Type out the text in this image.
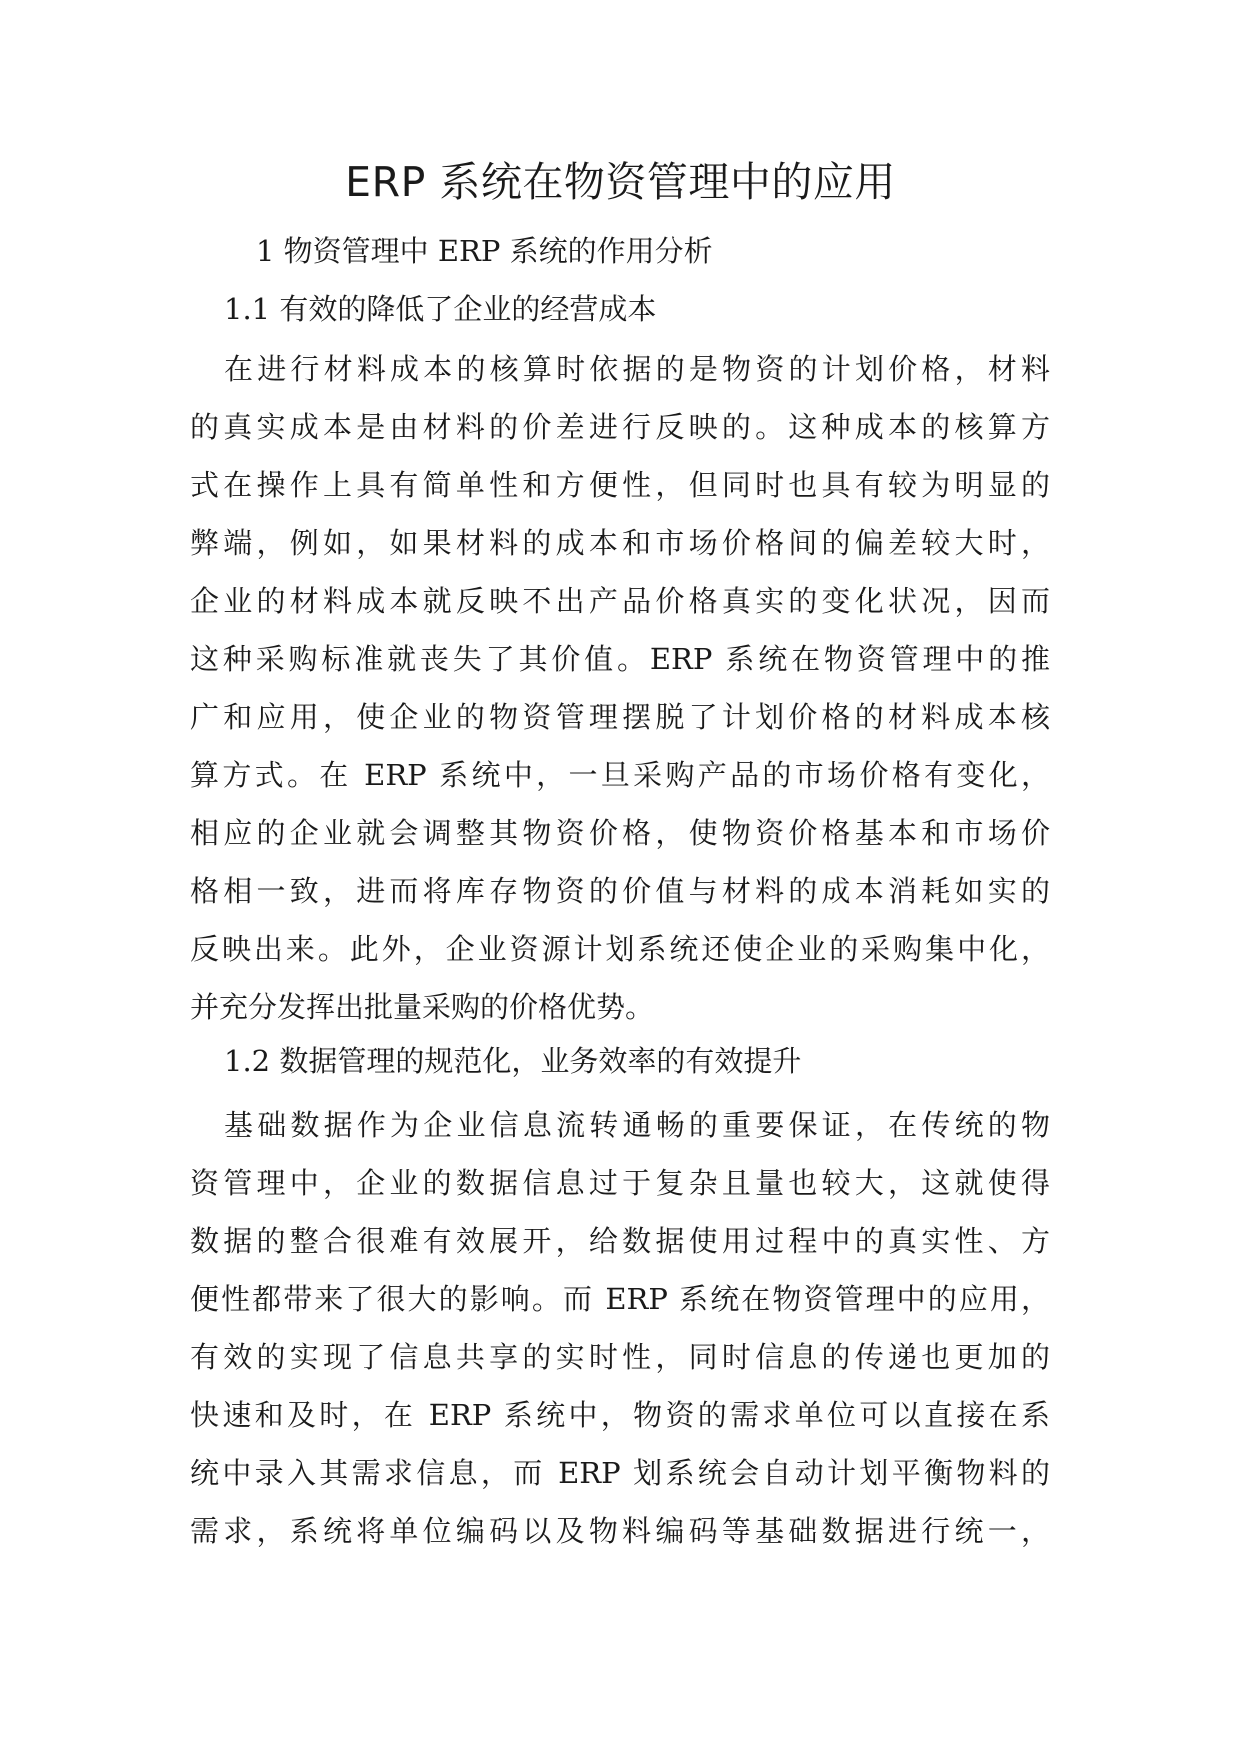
ERP 系统在物资管理中的应用
1 物资管理中 ERP 系统的作用分析
1.1 有效的降低了企业的经营成本
在进行材料成本的核算时依据的是物资的计划价格，材料
的真实成本是由材料的价差进行反映的。这种成本的核算方
式在操作上具有简单性和方便性，但同时也具有较为明显的
弊端，例如，如果材料的成本和市场价格间的偏差较大时，
企业的材料成本就反映不出产品价格真实的变化状况，因而
这种采购标准就丧失了其价值。ERP 系统在物资管理中的推
广和应用，使企业的物资管理摆脱了计划价格的材料成本核
算方式。在 ERP 系统中，一旦采购产品的市场价格有变化，
相应的企业就会调整其物资价格，使物资价格基本和市场价
格相一致，进而将库存物资的价值与材料的成本消耗如实的
反映出来。此外，企业资源计划系统还使企业的采购集中化，
并充分发挥出批量采购的价格优势。
1.2 数据管理的规范化，业务效率的有效提升
基础数据作为企业信息流转通畅的重要保证，在传统的物
资管理中，企业的数据信息过于复杂且量也较大，这就使得
数据的整合很难有效展开，给数据使用过程中的真实性、方
便性都带来了很大的影响。而 ERP 系统在物资管理中的应用，
有效的实现了信息共享的实时性，同时信息的传递也更加的
快速和及时，在 ERP 系统中，物资的需求单位可以直接在系
统中录入其需求信息，而 ERP 划系统会自动计划平衡物料的
需求，系统将单位编码以及物料编码等基础数据进行统一，
